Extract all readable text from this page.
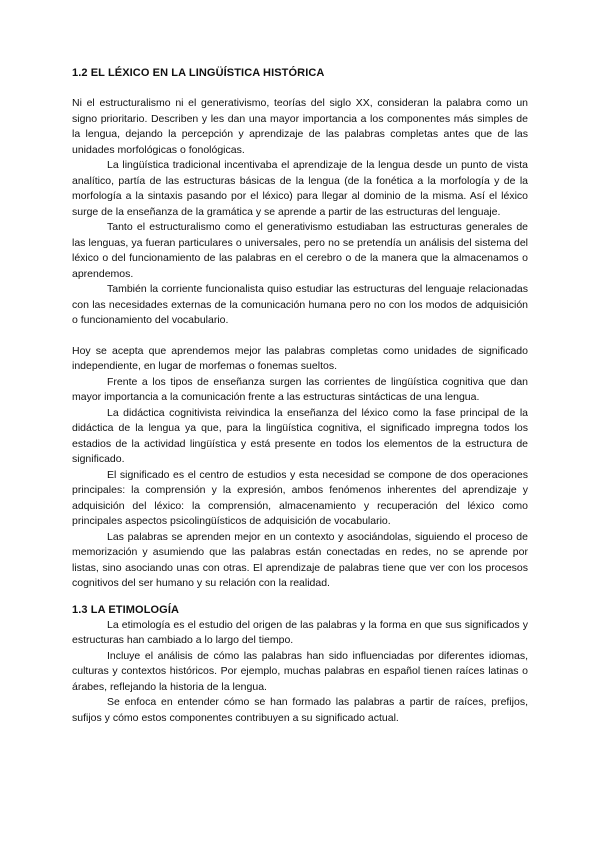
1.2 EL LÉXICO EN LA LINGÜÍSTICA HISTÓRICA

Ni el estructuralismo ni el generativismo, teorías del siglo XX, consideran la palabra como un signo prioritario. Describen y les dan una mayor importancia a los componentes más simples de la lengua, dejando la percepción y aprendizaje de las palabras completas antes que de las unidades morfológicas o fonológicas.

La lingüística tradicional incentivaba el aprendizaje de la lengua desde un punto de vista analítico, partía de las estructuras básicas de la lengua (de la fonética a la morfología y de la morfología a la sintaxis pasando por el léxico) para llegar al dominio de la misma. Así el léxico surge de la enseñanza de la gramática y se aprende a partir de las estructuras del lenguaje.

Tanto el estructuralismo como el generativismo estudiaban las estructuras generales de las lenguas, ya fueran particulares o universales, pero no se pretendía un análisis del sistema del léxico o del funcionamiento de las palabras en el cerebro o de la manera que la almacenamos o aprendemos.

También la corriente funcionalista quiso estudiar las estructuras del lenguaje relacionadas con las necesidades externas de la comunicación humana pero no con los modos de adquisición o funcionamiento del vocabulario.

Hoy se acepta que aprendemos mejor las palabras completas como unidades de significado independiente, en lugar de morfemas o fonemas sueltos.

Frente a los tipos de enseñanza surgen las corrientes de lingüística cognitiva que dan mayor importancia a la comunicación frente a las estructuras sintácticas de una lengua.

La didáctica cognitivista reivindica la enseñanza del léxico como la fase principal de la didáctica de la lengua ya que, para la lingüística cognitiva, el significado impregna todos los estadios de la actividad lingüística y está presente en todos los elementos de la estructura de significado.

El significado es el centro de estudios y esta necesidad se compone de dos operaciones principales: la comprensión y la expresión, ambos fenómenos inherentes del aprendizaje y adquisición del léxico: la comprensión, almacenamiento y recuperación del léxico como principales aspectos psicolingüísticos de adquisición de vocabulario.

Las palabras se aprenden mejor en un contexto y asociándolas, siguiendo el proceso de memorización y asumiendo que las palabras están conectadas en redes, no se aprende por listas, sino asociando unas con otras. El aprendizaje de palabras tiene que ver con los procesos cognitivos del ser humano y su relación con la realidad.

1.3 LA ETIMOLOGÍA

La etimología es el estudio del origen de las palabras y la forma en que sus significados y estructuras han cambiado a lo largo del tiempo.

Incluye el análisis de cómo las palabras han sido influenciadas por diferentes idiomas, culturas y contextos históricos. Por ejemplo, muchas palabras en español tienen raíces latinas o árabes, reflejando la historia de la lengua.

Se enfoca en entender cómo se han formado las palabras a partir de raíces, prefijos, sufijos y cómo estos componentes contribuyen a su significado actual.
